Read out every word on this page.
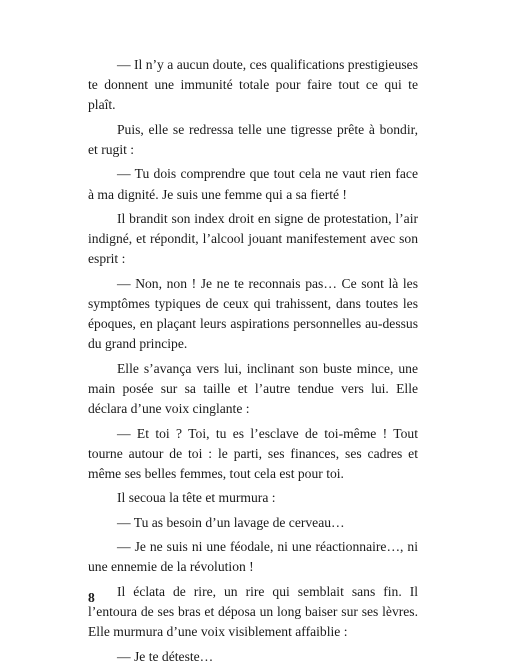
— Il n’y a aucun doute, ces qualifications prestigieuses te donnent une immunité totale pour faire tout ce qui te plaît.

Puis, elle se redressa telle une tigresse prête à bondir, et rugit :

— Tu dois comprendre que tout cela ne vaut rien face à ma dignité. Je suis une femme qui a sa fierté !

Il brandit son index droit en signe de protestation, l’air indigné, et répondit, l’alcool jouant manifestement avec son esprit :

— Non, non ! Je ne te reconnais pas… Ce sont là les symptômes typiques de ceux qui trahissent, dans toutes les époques, en plaçant leurs aspirations personnelles au-dessus du grand principe.

Elle s’avança vers lui, inclinant son buste mince, une main posée sur sa taille et l’autre tendue vers lui. Elle déclara d’une voix cinglante :

— Et toi ? Toi, tu es l’esclave de toi-même ! Tout tourne autour de toi : le parti, ses finances, ses cadres et même ses belles femmes, tout cela est pour toi.

Il secoua la tête et murmura :

— Tu as besoin d’un lavage de cerveau…

— Je ne suis ni une féodale, ni une réactionnaire…, ni une ennemie de la révolution !

Il éclata de rire, un rire qui semblait sans fin. Il l’entoura de ses bras et déposa un long baiser sur ses lèvres. Elle murmura d’une voix visiblement affaiblie :

— Je te déteste…

8
